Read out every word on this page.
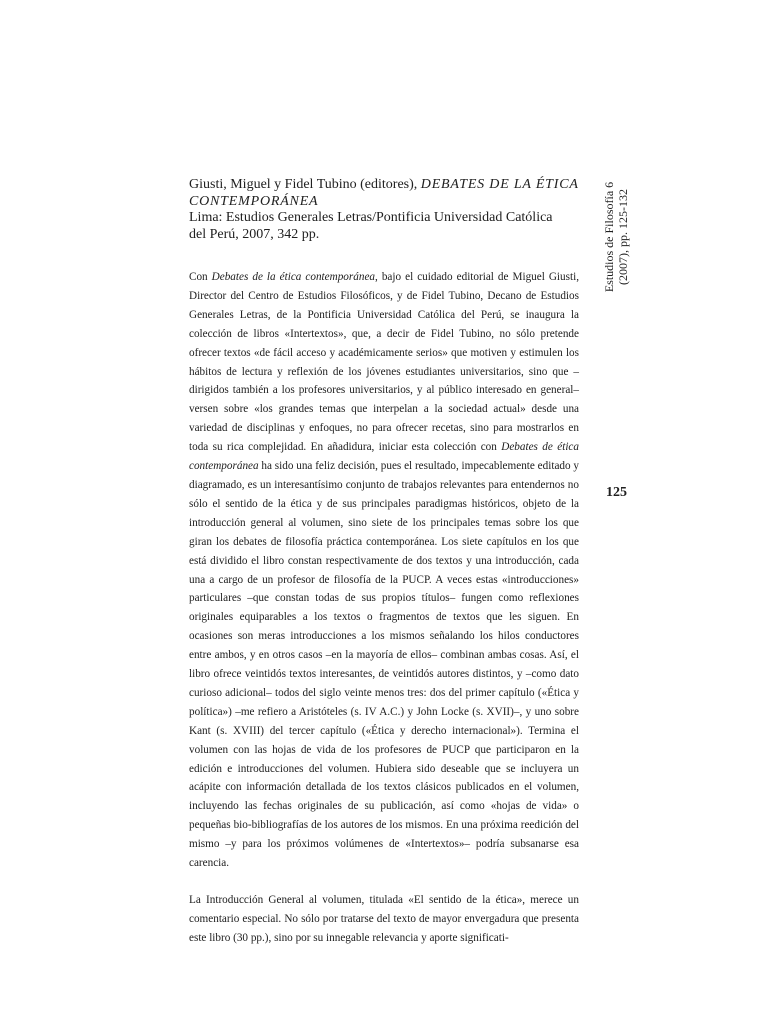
Giusti, Miguel y Fidel Tubino (editores), DEBATES DE LA ÉTICA
CONTEMPORÁNEA
Lima: Estudios Generales Letras/Pontificia Universidad Católica
del Perú, 2007, 342 pp.	Estudios de Filosofía 6 (2007), pp. 125-132
125

Con Debates de la ética contemporánea, bajo el cuidado editorial de Miguel Giusti, Director del Centro de Estudios Filosóficos, y de Fidel Tubino, Decano de Estudios Generales Letras, de la Pontificia Universidad Católica del Perú, se inaugura la colección de libros «Intertextos», que, a decir de Fidel Tubino, no sólo pretende ofrecer textos «de fácil acceso y académicamente serios» que motiven y estimulen los hábitos de lectura y reflexión de los jóvenes estudiantes universitarios, sino que –dirigidos también a los profesores universitarios, y al público interesado en general– versen sobre «los grandes temas que interpelan a la sociedad actual» desde una variedad de disciplinas y enfoques, no para ofrecer recetas, sino para mostrarlos en toda su rica complejidad. En añadidura, iniciar esta colección con Debates de ética contemporánea ha sido una feliz decisión, pues el resultado, impecablemente editado y diagramado, es un interesantísimo conjunto de trabajos relevantes para entendernos no sólo el sentido de la ética y de sus principales paradigmas históricos, objeto de la introducción general al volumen, sino siete de los principales temas sobre los que giran los debates de filosofía práctica contemporánea. Los siete capítulos en los que está dividido el libro constan respectivamente de dos textos y una introducción, cada una a cargo de un profesor de filosofía de la PUCP. A veces estas «introducciones» particulares –que constan todas de sus propios títulos– fungen como reflexiones originales equiparables a los textos o fragmentos de textos que les siguen. En ocasiones son meras introducciones a los mismos señalando los hilos conductores entre ambos, y en otros casos –en la mayoría de ellos– combinan ambas cosas. Así, el libro ofrece veintidós textos interesantes, de veintidós autores distintos, y –como dato curioso adicional– todos del siglo veinte menos tres: dos del primer capítulo («Ética y política») –me refiero a Aristóteles (s. IV A.C.) y John Locke (s. XVII)–, y uno sobre Kant (s. XVIII) del tercer capítulo («Ética y derecho internacional»). Termina el volumen con las hojas de vida de los profesores de PUCP que participaron en la edición e introducciones del volumen. Hubiera sido deseable que se incluyera un acápite con información detallada de los textos clásicos publicados en el volumen, incluyendo las fechas originales de su publicación, así como «hojas de vida» o pequeñas bio-bibliografías de los autores de los mismos. En una próxima reedición del mismo –y para los próximos volúmenes de «Intertextos»– podría subsanarse esa carencia.

La Introducción General al volumen, titulada «El sentido de la ética», merece un comentario especial. No sólo por tratarse del texto de mayor envergadura que presenta este libro (30 pp.), sino por su innegable relevancia y aporte significati-
